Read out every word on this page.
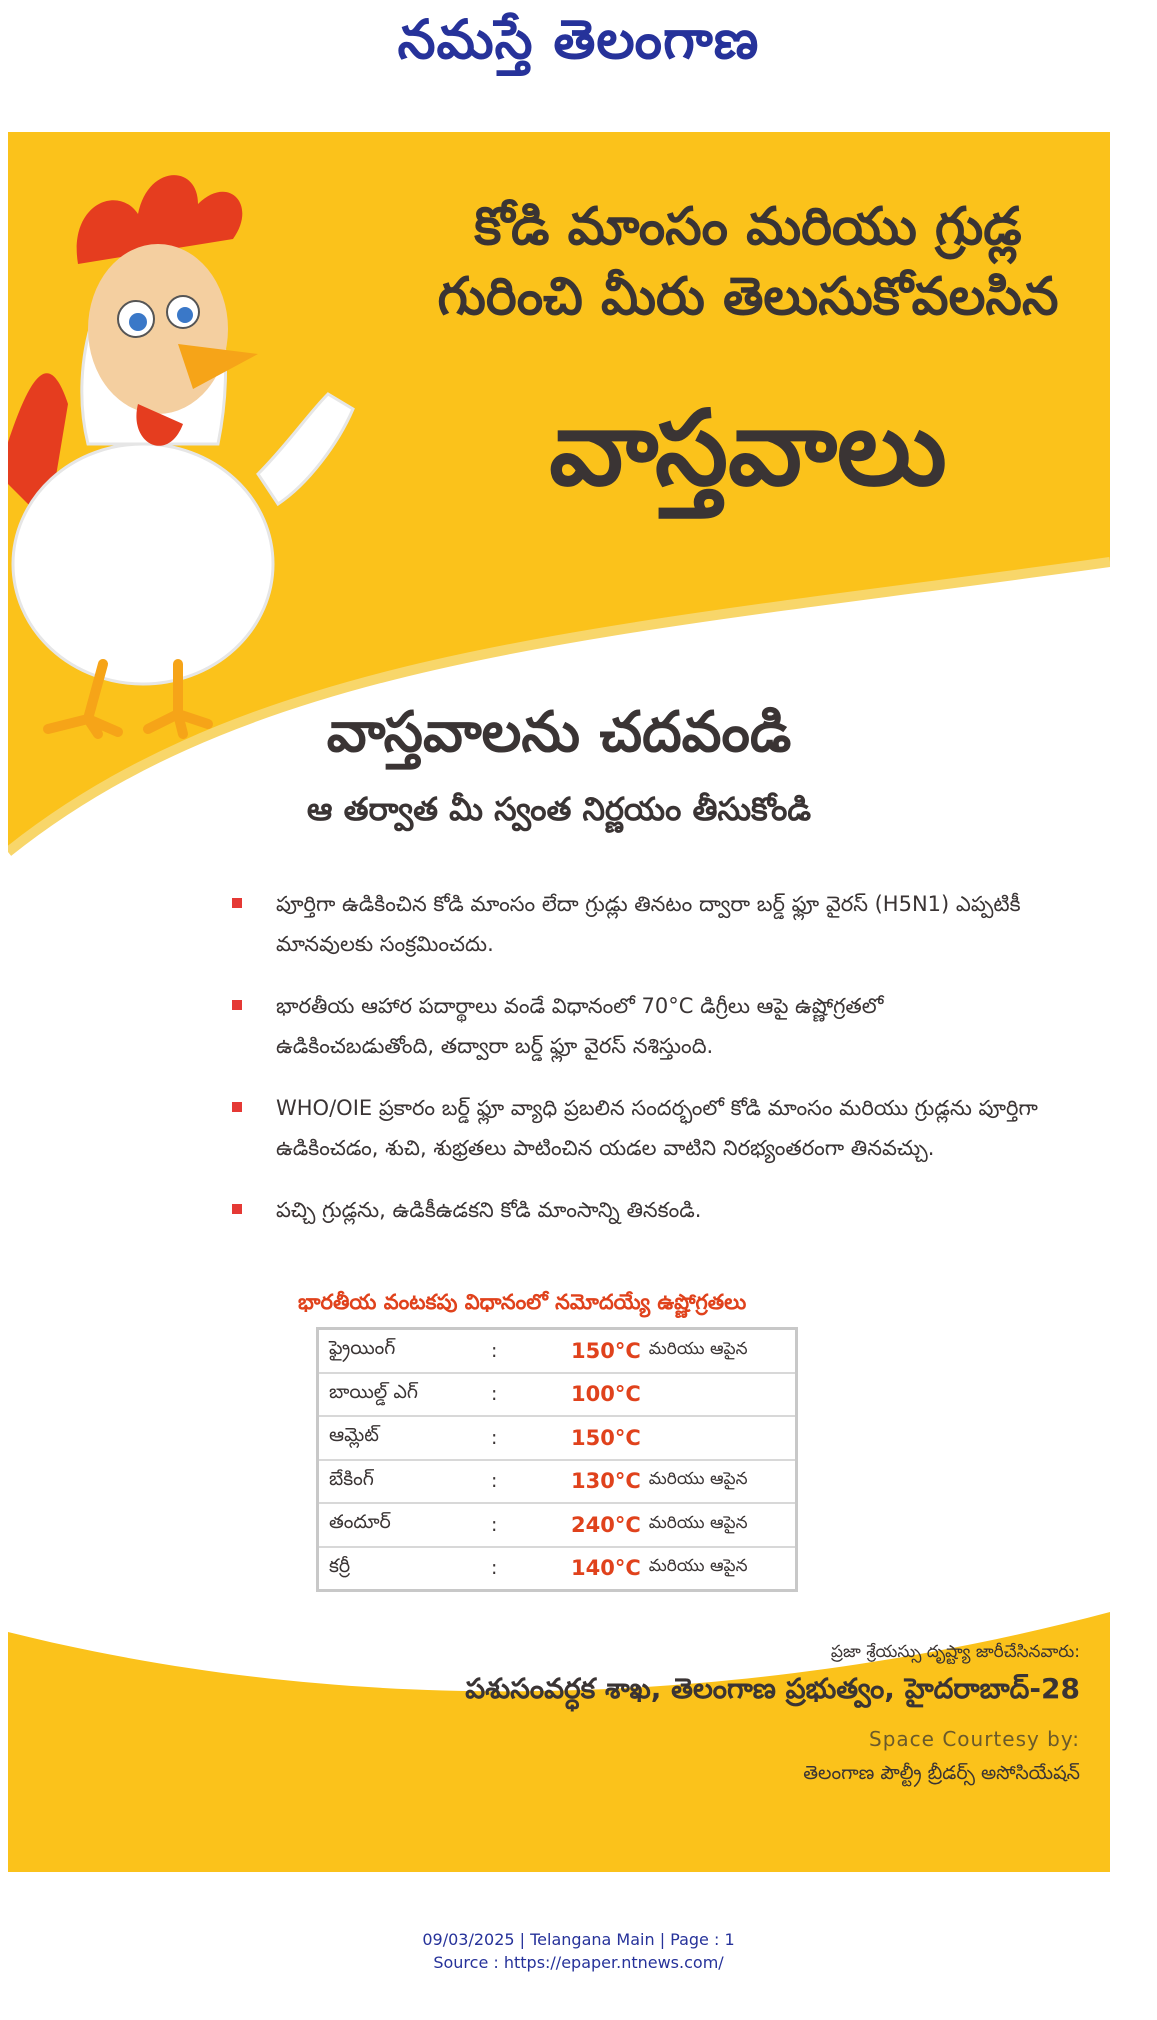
నమస్తే తెలంగాణ
కోడి మాంసం మరియు గ్రుడ్ల
గురించి మీరు తెలుసుకోవలసిన
వాస్తవాలు
వాస్తవాలను చదవండి
ఆ తర్వాత మీ స్వంత నిర్ణయం తీసుకోండి
పూర్తిగా ఉడికించిన కోడి మాంసం లేదా గ్రుడ్లు తినటం ద్వారా బర్డ్ ఫ్లూ వైరస్ (H5N1) ఎప్పటికీ మానవులకు సంక్రమించదు.
భారతీయ ఆహార పదార్థాలు వండే విధానంలో 70°C డిగ్రీలు ఆపై ఉష్ణోగ్రతలో ఉడికించబడుతోంది, తద్వారా బర్డ్ ఫ్లూ వైరస్ నశిస్తుంది.
WHO/OIE ప్రకారం బర్డ్ ఫ్లూ వ్యాధి ప్రబలిన సందర్భంలో కోడి మాంసం మరియు గ్రుడ్లను పూర్తిగా ఉడికించడం, శుచి, శుభ్రతలు పాటించిన యడల వాటిని నిరభ్యంతరంగా తినవచ్చు.
పచ్చి గ్రుడ్లను, ఉడికీఉడకని కోడి మాంసాన్ని తినకండి.
భారతీయ వంటకపు విధానంలో నమోదయ్యే ఉష్ణోగ్రతలు
ఫ్రైయింగ్	:	150°C మరియు ఆపైన
బాయిల్డ్ ఎగ్	:	100°C
ఆమ్లెట్	:	150°C
బేకింగ్	:	130°C మరియు ఆపైన
తందూర్	:	240°C మరియు ఆపైన
కర్రీ	:	140°C మరియు ఆపైన
ప్రజా శ్రేయస్సు దృష్ట్యా జారీచేసినవారు:
పశుసంవర్ధక శాఖ, తెలంగాణ ప్రభుత్వం, హైదరాబాద్-28
Space Courtesy by:
తెలంగాణ పౌల్ట్రీ బ్రీడర్స్ అసోసియేషన్
09/03/2025 | Telangana Main | Page : 1
Source : https://epaper.ntnews.com/
